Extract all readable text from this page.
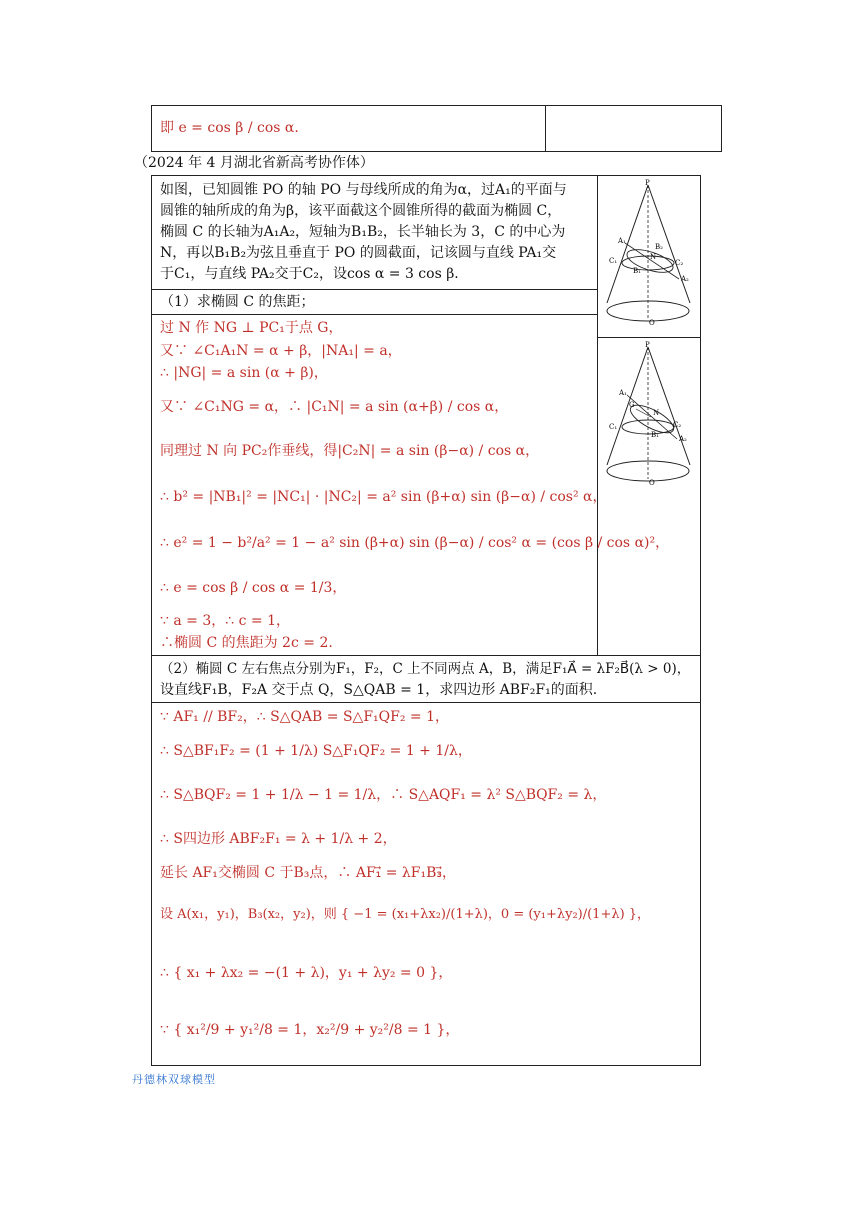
即 e = cos β / cos α.
（2024 年 4 月湖北省新高考协作体）
如图，已知圆锥 PO 的轴 PO 与母线所成的角为α，过A₁的平面与
圆锥的轴所成的角为β，该平面截这个圆锥所得的截面为椭圆 C，
椭圆 C 的长轴为A₁A₂，短轴为B₁B₂，长半轴长为 3，C 的中心为
N，再以B₁B₂为弦且垂直于 PO 的圆截面，记该圆与直线 PA₁交
于C₁，与直线 PA₂交于C₂，设cos α = 3 cos β.
（1）求椭圆 C 的焦距；
过 N 作 NG ⊥ PC₁于点 G，
又∵ ∠C₁A₁N = α + β，|NA₁| = a，
∴ |NG| = a sin (α + β)，
又∵ ∠C₁NG = α，∴ |C₁N| = a sin (α+β) / cos α，
同理过 N 向 PC₂作垂线，得|C₂N| = a sin (β−α) / cos α，
∴ b² = |NB₁|² = |NC₁| · |NC₂| = a² sin (β+α) sin (β−α) / cos² α，
∴ e² = 1 − b²/a² = 1 − a² sin (β+α) sin (β−α) / cos² α = (cos β / cos α)²，
∴ e = cos β / cos α = 1/3，
∵ a = 3，∴ c = 1，
∴椭圆 C 的焦距为 2c = 2.
（2）椭圆 C 左右焦点分别为F₁，F₂，C 上不同两点 A，B，满足F₁A⃗ = λF₂B⃗(λ > 0)，
设直线F₁B，F₂A 交于点 Q，S△QAB = 1，求四边形 ABF₂F₁的面积.
∵ AF₁ // BF₂，∴ S△QAB = S△F₁QF₂ = 1，
∴ S△BF₁F₂ = (1 + 1/λ) S△F₁QF₂ = 1 + 1/λ，
∴ S△BQF₂ = 1 + 1/λ − 1 = 1/λ，∴ S△AQF₁ = λ² S△BQF₂ = λ，
∴ S四边形 ABF₂F₁ = λ + 1/λ + 2，
延长 AF₁交椭圆 C 于B₃点，∴ AF₁⃗ = λF₁B₃⃗，
设 A(x₁，y₁)，B₃(x₂，y₂)，则 { −1 = (x₁+λx₂)/(1+λ)，0 = (y₁+λy₂)/(1+λ) }，
∴ { x₁ + λx₂ = −(1 + λ)，y₁ + λy₂ = 0 }，
∵ { x₁²/9 + y₁²/8 = 1，x₂²/9 + y₂²/8 = 1 }，
P
O
A₁
A₂
B₁
B₂
C₁	C₂
N
P
O
A₁
A₂
B₁
C₁	C₂
G
N
丹德林双球模型
